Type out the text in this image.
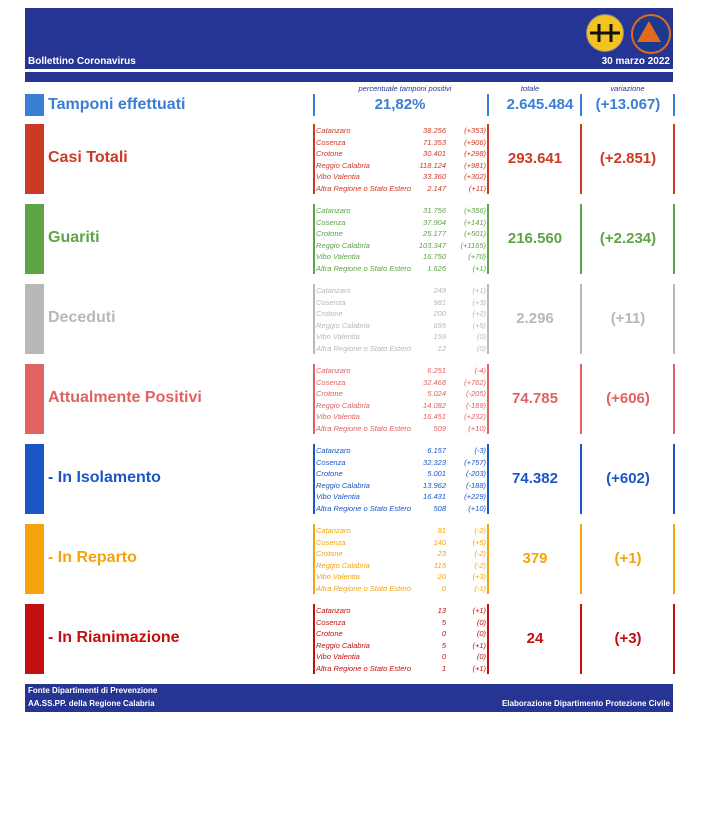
Bollettino Coronavirus	30 marzo 2022
percentuale tamponi positivi	totale	variazione
Tamponi effettuati	21,82%	2.645.484	(+13.067)
Casi Totali
Catanzaro	38.256 (+353)
Cosenza	71.353 (+906)
Crotone	30.401 (+298)
Reggio Calabria	118.124 (+981)
Vibo Valentia	33.360 (+302)
Altra Regione o Stato Estero 2.147	(+11)
293.641	(+2.851)
Guariti
Catanzaro	31.756 (+356)
Cosenza	37.904 (+141)
Crotone	25.177 (+501)
Reggio Calabria	103.347 (+1165)
Vibo Valentia	16.750	(+70)
Altra Regione o Stato Estero 1.626	(+1)
216.560	(+2.234)
Deceduti
Catanzaro	249	(+1)
Cosenza	981	(+3)
Crotone	200	(+2)
Reggio Calabria	695	(+5)
Vibo Valentia	159	(0)
Altra Regione o Stato Estero	12	(0)
2.296	(+11)
Attualmente Positivi
Catanzaro	6.251	(-4)
Cosenza	32.468 (+762)
Crotone	5.024	(-205)
Reggio Calabria	14.082	(-189)
Vibo Valentia	16.451 (+232)
Altra Regione o Stato Estero	509	(+10)
74.785	(+606)
- In Isolamento
Catanzaro	6.157	(-3)
Cosenza	32.323 (+757)
Crotone	5.001	(-203)
Reggio Calabria	13.962	(-188)
Vibo Valentia	16.431 (+229)
Altra Regione o Stato Estero	508	(+10)
74.382	(+602)
- In Reparto
Catanzaro	81	(-2)
Cosenza	140	(+5)
Crotone	23	(-2)
Reggio Calabria	115	(-2)
Vibo Valentia	20	(+3)
Altra Regione o Stato Estero	0	(-1)
379	(+1)
- In Rianimazione
Catanzaro	13	(+1)
Cosenza	5	(0)
Crotone	0	(0)
Reggio Calabria	5	(+1)
Vibo Valentia	0	(0)
Altra Regione o Stato Estero	1	(+1)
24	(+3)
Fonte Dipartimenti di Prevenzione
AA.SS.PP. della Regione Calabria	Elaborazione Dipartimento Protezione Civile
